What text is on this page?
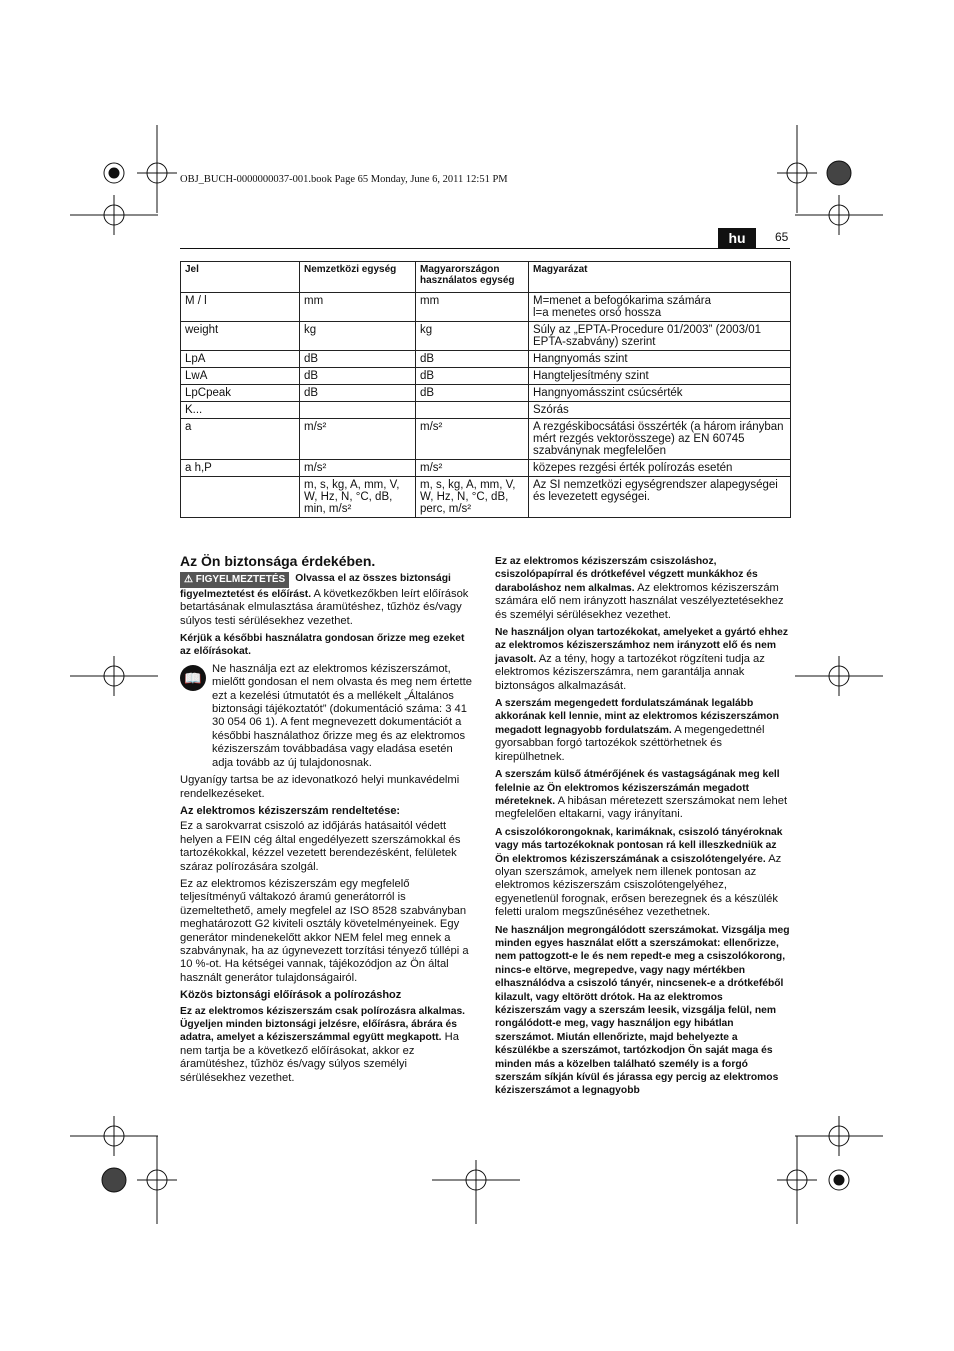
OBJ_BUCH-0000000037-001.book Page 65 Monday, June 6, 2011 12:51 PM
hu	65
Jel	Nemzetközi egység	Magyarországon használatos egység	Magyarázat
M / l	mm	mm	M=menet a befogókarima számára
l=a menetes orsó hossza
weight	kg	kg	Súly az „EPTA-Procedure 01/2003” (2003/01 EPTA-szabvány) szerint
LpA	dB	dB	Hangnyomás szint
LwA	dB	dB	Hangteljesítmény szint
LpCpeak	dB	dB	Hangnyomásszint csúcsérték
K...			Szórás
a	m/s²	m/s²	A rezgéskibocsátási összérték (a három irányban mért rezgés vektorösszege) az EN 60745 szabványnak megfelelően
a h,P	m/s²	m/s²	közepes rezgési érték polírozás esetén
	m, s, kg, A, mm, V, W, Hz, N, °C, dB, min, m/s²	m, s, kg, A, mm, V, W, Hz, N, °C, dB, perc, m/s²	Az SI nemzetközi egységrendszer alapegységei és levezetett egységei.
Az Ön biztonsága érdekében.

⚠ FIGYELMEZTETÉS Olvassa el az összes biztonsági figyelmeztetést és előírást. A következőkben leírt előírások betartásának elmulasztása áramütéshez, tűzhöz és/vagy súlyos testi sérülésekhez vezethet.

Kérjük a későbbi használatra gondosan őrizze meg ezeket az előírásokat.

📖

Ne használja ezt az elektromos kéziszerszámot, mielőtt gondosan el nem olvasta és meg nem értette ezt a kezelési útmutatót és a mellékelt „Általános biztonsági tájékoztatót” (dokumentáció száma: 3 41 30 054 06 1). A fent megnevezett dokumentációt a későbbi használathoz őrizze meg és az elektromos kéziszerszám továbbadása vagy eladása esetén adja tovább az új tulajdonosnak.

Ugyanígy tartsa be az idevonatkozó helyi munkavédelmi rendelkezéseket.

Az elektromos kéziszerszám rendeltetése:

Ez a sarokvarrat csiszoló az időjárás hatásaitól védett helyen a FEIN cég által engedélyezett szerszámokkal és tartozékokkal, kézzel vezetett berendezésként, felületek száraz polírozására szolgál.

Ez az elektromos kéziszerszám egy megfelelő teljesítményű váltakozó áramú generátorról is üzemeltethető, amely megfelel az ISO 8528 szabványban meghatározott G2 kiviteli osztály követelményeinek. Egy generátor mindenekelőtt akkor NEM felel meg ennek a szabványnak, ha az úgynevezett torzítási tényező túllépi a 10 %-ot. Ha kétségei vannak, tájékozódjon az Ön által használt generátor tulajdonságairól.

Közös biztonsági előírások a polírozáshoz

Ez az elektromos kéziszerszám csak polírozásra alkalmas. Ügyeljen minden biztonsági jelzésre, előírásra, ábrára és adatra, amelyet a kéziszerszámmal együtt megkapott. Ha nem tartja be a következő előírásokat, akkor ez áramütéshez, tűzhöz és/vagy súlyos személyi sérülésekhez vezethet.

Ez az elektromos kéziszerszám csiszoláshoz, csiszolópapírral és drótkefével végzett munkákhoz és daraboláshoz nem alkalmas. Az elektromos kéziszerszám számára elő nem irányzott használat veszélyeztetésekhez és személyi sérülésekhez vezethet.

Ne használjon olyan tartozékokat, amelyeket a gyártó ehhez az elektromos kéziszerszámhoz nem irányzott elő és nem javasolt. Az a tény, hogy a tartozékot rögzíteni tudja az elektromos kéziszerszámra, nem garantálja annak biztonságos alkalmazását.

A szerszám megengedett fordulatszámának legalább akkorának kell lennie, mint az elektromos kéziszerszámon megadott legnagyobb fordulatszám. A megengedettnél gyorsabban forgó tartozékok széttörhetnek és kirepülhetnek.

A szerszám külső átmérőjének és vastagságának meg kell felelnie az Ön elektromos kéziszerszámán megadott méreteknek. A hibásan méretezett szerszámokat nem lehet megfelelően eltakarni, vagy irányítani.

A csiszolókorongoknak, karimáknak, csiszoló tányéroknak vagy más tartozékoknak pontosan rá kell illeszkedniük az Ön elektromos kéziszerszámának a csiszolótengelyére. Az olyan szerszámok, amelyek nem illenek pontosan az elektromos kéziszerszám csiszolótengelyéhez, egyenetlenül forognak, erősen berezegnek és a készülék feletti uralom megszűnéséhez vezethetnek.

Ne használjon megrongálódott szerszámokat. Vizsgálja meg minden egyes használat előtt a szerszámokat: ellenőrizze, nem pattogzott-e le és nem repedt-e meg a csiszolókorong, nincs-e eltörve, megrepedve, vagy nagy mértékben elhasználódva a csiszoló tányér, nincsenek-e a drótkeféből kilazult, vagy eltörött drótok. Ha az elektromos kéziszerszám vagy a szerszám leesik, vizsgálja felül, nem rongálódott-e meg, vagy használjon egy hibátlan szerszámot. Miután ellenőrizte, majd behelyezte a készülékbe a szerszámot, tartózkodjon Ön saját maga és minden más a közelben található személy is a forgó szerszám síkján kívül és járassa egy percig az elektromos kéziszerszámot a legnagyobb
